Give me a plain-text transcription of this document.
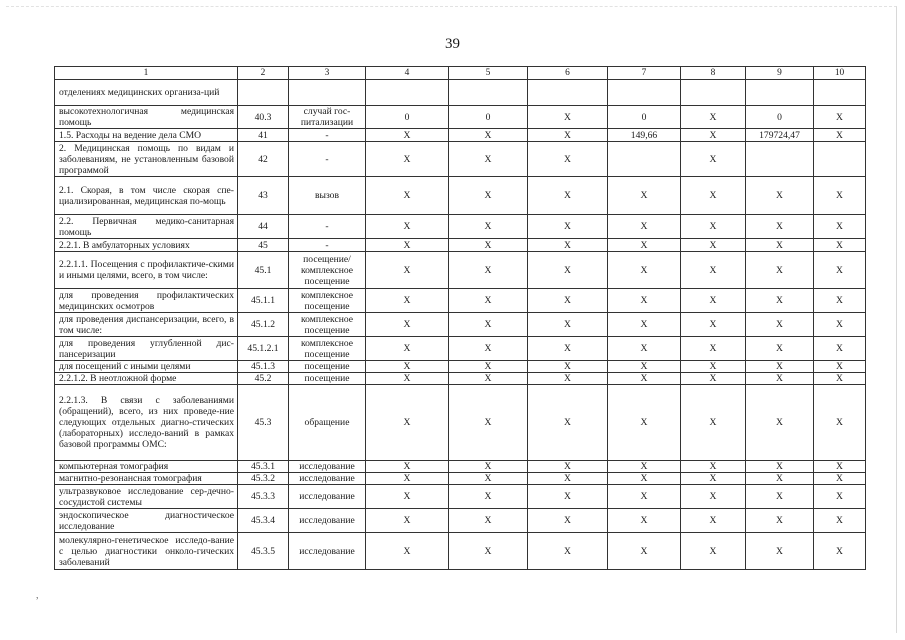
39
1	2	3	4	5	6	7	8	9	10
отделениях медицинских организа-ций									
высокотехнологичная медицинская помощь	40.3	случай гос-питализации	0	0	X	0	X	0	X
1.5. Расходы на ведение дела СМО	41	-	X	X	X	149,66	X	179724,47	X
2. Медицинская помощь по видам и заболеваниям, не установленным базовой программой	42	-	X	X	X		X		
2.1. Скорая, в том числе скорая спе-циализированная, медицинская по-мощь	43	вызов	X	X	X	X	X	X	X
2.2. Первичная медико-санитарная помощь	44	-	X	X	X	X	X	X	X
2.2.1. В амбулаторных условиях	45	-	X	X	X	X	X	X	X
2.2.1.1. Посещения с профилактиче-скими и иными целями, всего, в том числе:	45.1	посещение/ комплексное посещение	X	X	X	X	X	X	X
для проведения профилактических медицинских осмотров	45.1.1	комплексное посещение	X	X	X	X	X	X	X
для проведения диспансеризации, всего, в том числе:	45.1.2	комплексное посещение	X	X	X	X	X	X	X
для проведения углубленной дис-пансеризации	45.1.2.1	комплексное посещение	X	X	X	X	X	X	X
для посещений с иными целями	45.1.3	посещение	X	X	X	X	X	X	X
2.2.1.2. В неотложной форме	45.2	посещение	X	X	X	X	X	X	X
2.2.1.3. В связи с заболеваниями (обращений), всего, из них проведе-ние следующих отдельных диагно-стических (лабораторных) исследо-ваний в рамках базовой программы ОМС:	45.3	обращение	X	X	X	X	X	X	X
компьютерная томография	45.3.1	исследование	X	X	X	X	X	X	X
магнитно-резонансная томография	45.3.2	исследование	X	X	X	X	X	X	X
ультразвуковое исследование сер-дечно-сосудистой системы	45.3.3	исследование	X	X	X	X	X	X	X
эндоскопическое диагностическое исследование	45.3.4	исследование	X	X	X	X	X	X	X
молекулярно-генетическое исследо-вание с целью диагностики онколо-гических заболеваний	45.3.5	исследование	X	X	X	X	X	X	X
,
